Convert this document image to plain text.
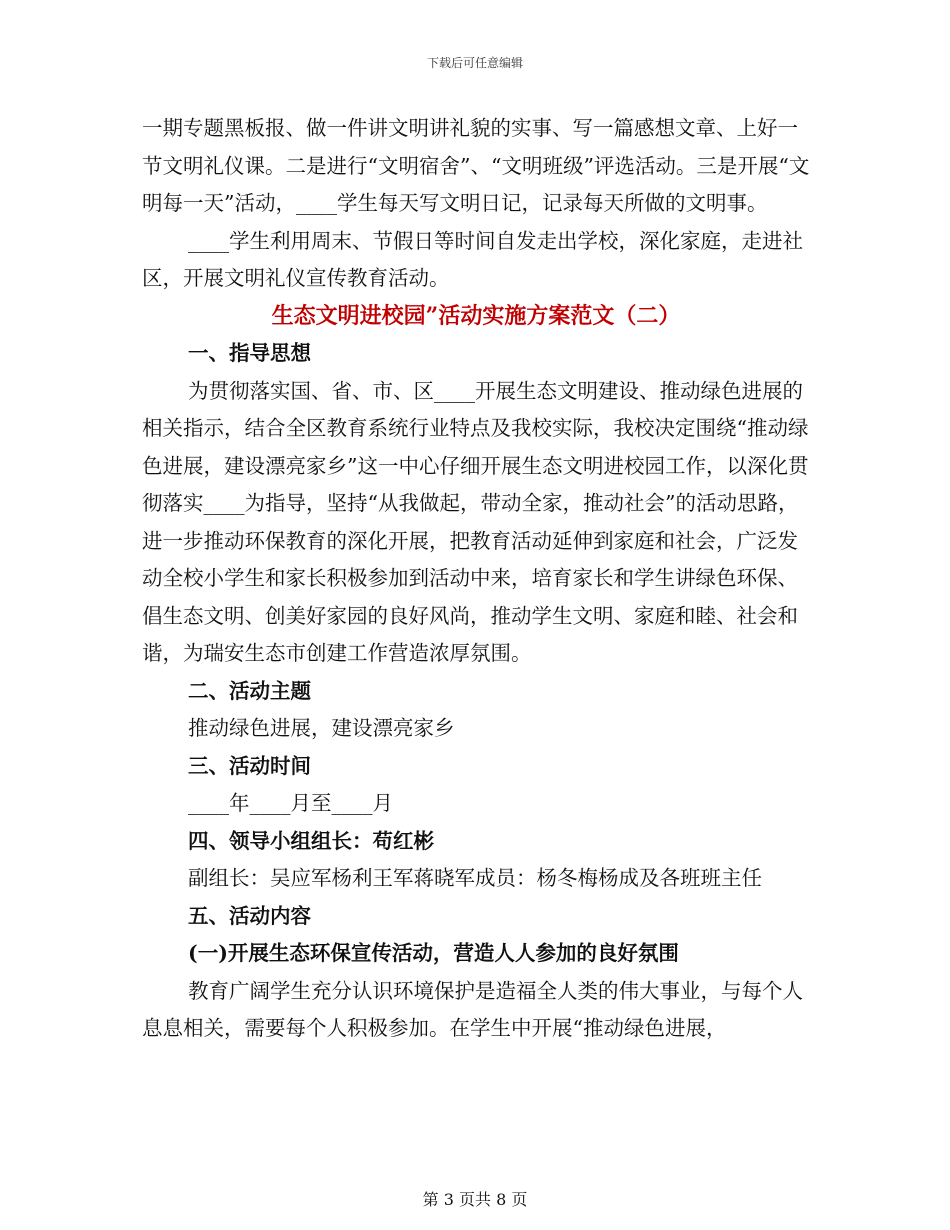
下载后可任意编辑

一期专题黑板报、做一件讲文明讲礼貌的实事、写一篇感想文章、上好一节文明礼仪课。二是进行“文明宿舍”、“文明班级”评选活动。三是开展“文明每一天”活动，____学生每天写文明日记，记录每天所做的文明事。

____学生利用周末、节假日等时间自发走出学校，深化家庭，走进社区，开展文明礼仪宣传教育活动。

生态文明进校园”活动实施方案范文（二）

一、指导思想

为贯彻落实国、省、市、区____开展生态文明建设、推动绿色进展的相关指示，结合全区教育系统行业特点及我校实际，我校决定围绕“推动绿色进展，建设漂亮家乡”这一中心仔细开展生态文明进校园工作，以深化贯彻落实____为指导，坚持“从我做起，带动全家，推动社会”的活动思路，进一步推动环保教育的深化开展，把教育活动延伸到家庭和社会，广泛发动全校小学生和家长积极参加到活动中来，培育家长和学生讲绿色环保、倡生态文明、创美好家园的良好风尚，推动学生文明、家庭和睦、社会和谐，为瑞安生态市创建工作营造浓厚氛围。

二、活动主题

推动绿色进展，建设漂亮家乡

三、活动时间

____年____月至____月

四、领导小组组长：苟红彬

副组长：吴应军杨利王军蒋晓军成员：杨冬梅杨成及各班班主任

五、活动内容

(一)开展生态环保宣传活动，营造人人参加的良好氛围

教育广阔学生充分认识环境保护是造福全人类的伟大事业，与每个人息息相关，需要每个人积极参加。在学生中开展“推动绿色进展，

第 3 页共 8 页
